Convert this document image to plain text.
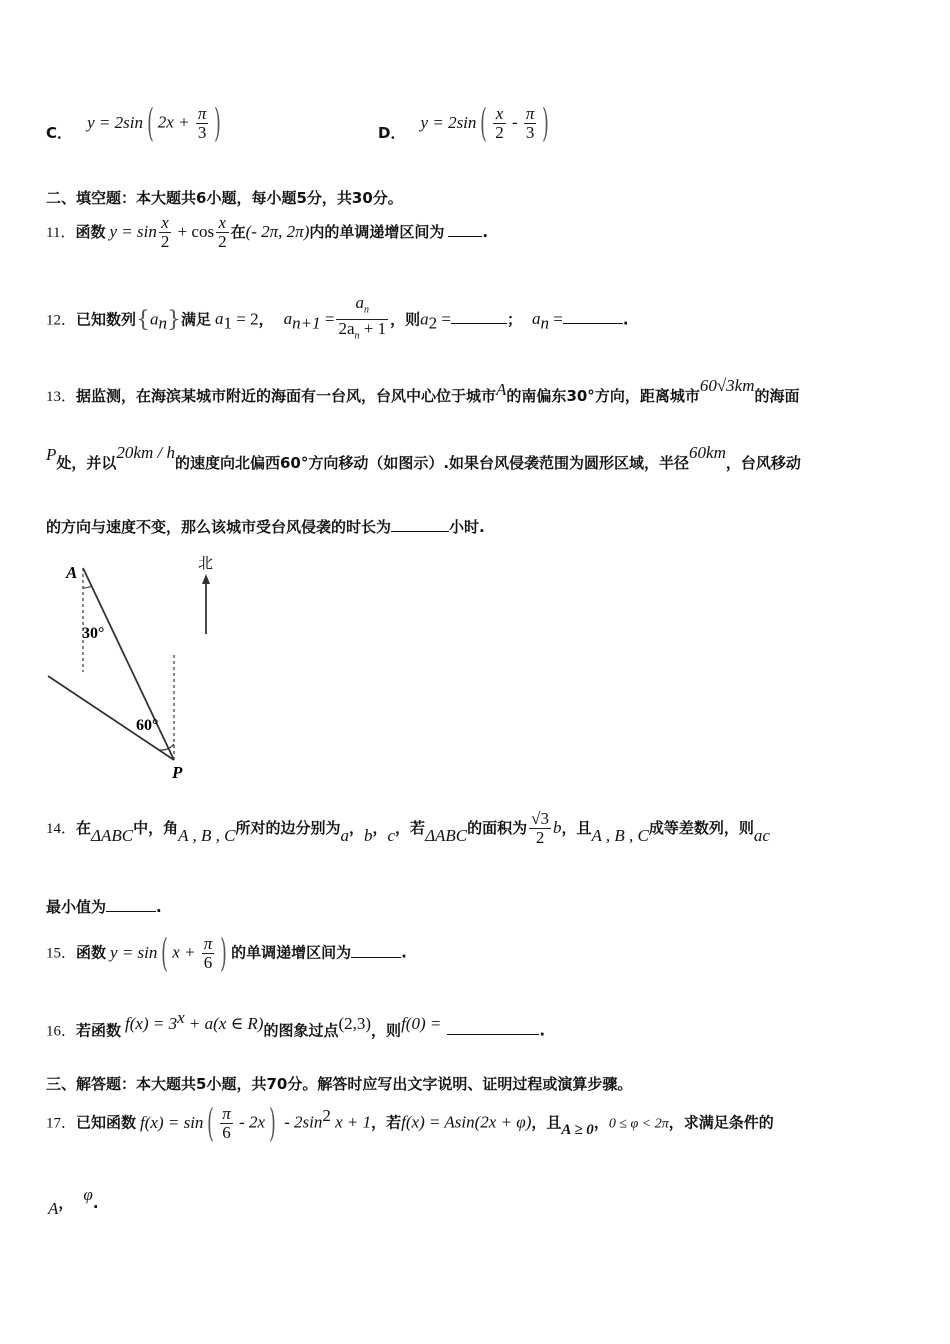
C． y = 2sin ( $2x + \frac{\pi}{3}$ )	D． y = 2sin ( $\frac{x}{2} - \frac{\pi}{3}$ )
二、填空题：本大题共6小题，每小题5分，共30分。
11．函数 $y = \sin \frac{x}{2} + \cos \frac{x}{2}$ 在(- 2π, 2π)内的单调递增区间为	.
12．已知数列$\{a_n\}$满足 $a_1 = 2$， $a_{n+1} = \frac{a_n}{2a_n + 1}$ ，则$a_2$ =	； $a_n$ =	.
13．据监测，在海滨某城市附近的海面有一台风，台风中心位于城市A的南偏东30°方向，距离城市60√3km的海面
P处，并以20km / h的速度向北偏西60°方向移动（如图示）.如果台风侵袭范围为圆形区域，半径60km，台风移动
的方向与速度不变，那么该城市受台风侵袭的时长为	小时.
A	北
30°
60°
P
14．在ΔABC中，角A , B , C所对的边分别为a，b，c，若ΔABC的面积为 $\frac{√3}{2}$ b，且A , B , C成等差数列，则ac
最小值为	.
15．函数 y = sin ( $x + \frac{\pi}{6}$ ) 的单调递增区间为	.
16．若函数 $f(x) = 3^x + a(x$ ∈ R)的图象过点(2,3)，则f(0) =	.
三、解答题：本大题共5小题，共70分。解答时应写出文字说明、证明过程或演算步骤。
17．已知函数 f(x) = sin ( $\frac{\pi}{6} - 2x$ ) - $2\sin^2$ x + 1，若f(x) = Asin(2x + φ)，且A ≥ 0，0 ≤ φ < 2π，求满足条件的
A， φ.
